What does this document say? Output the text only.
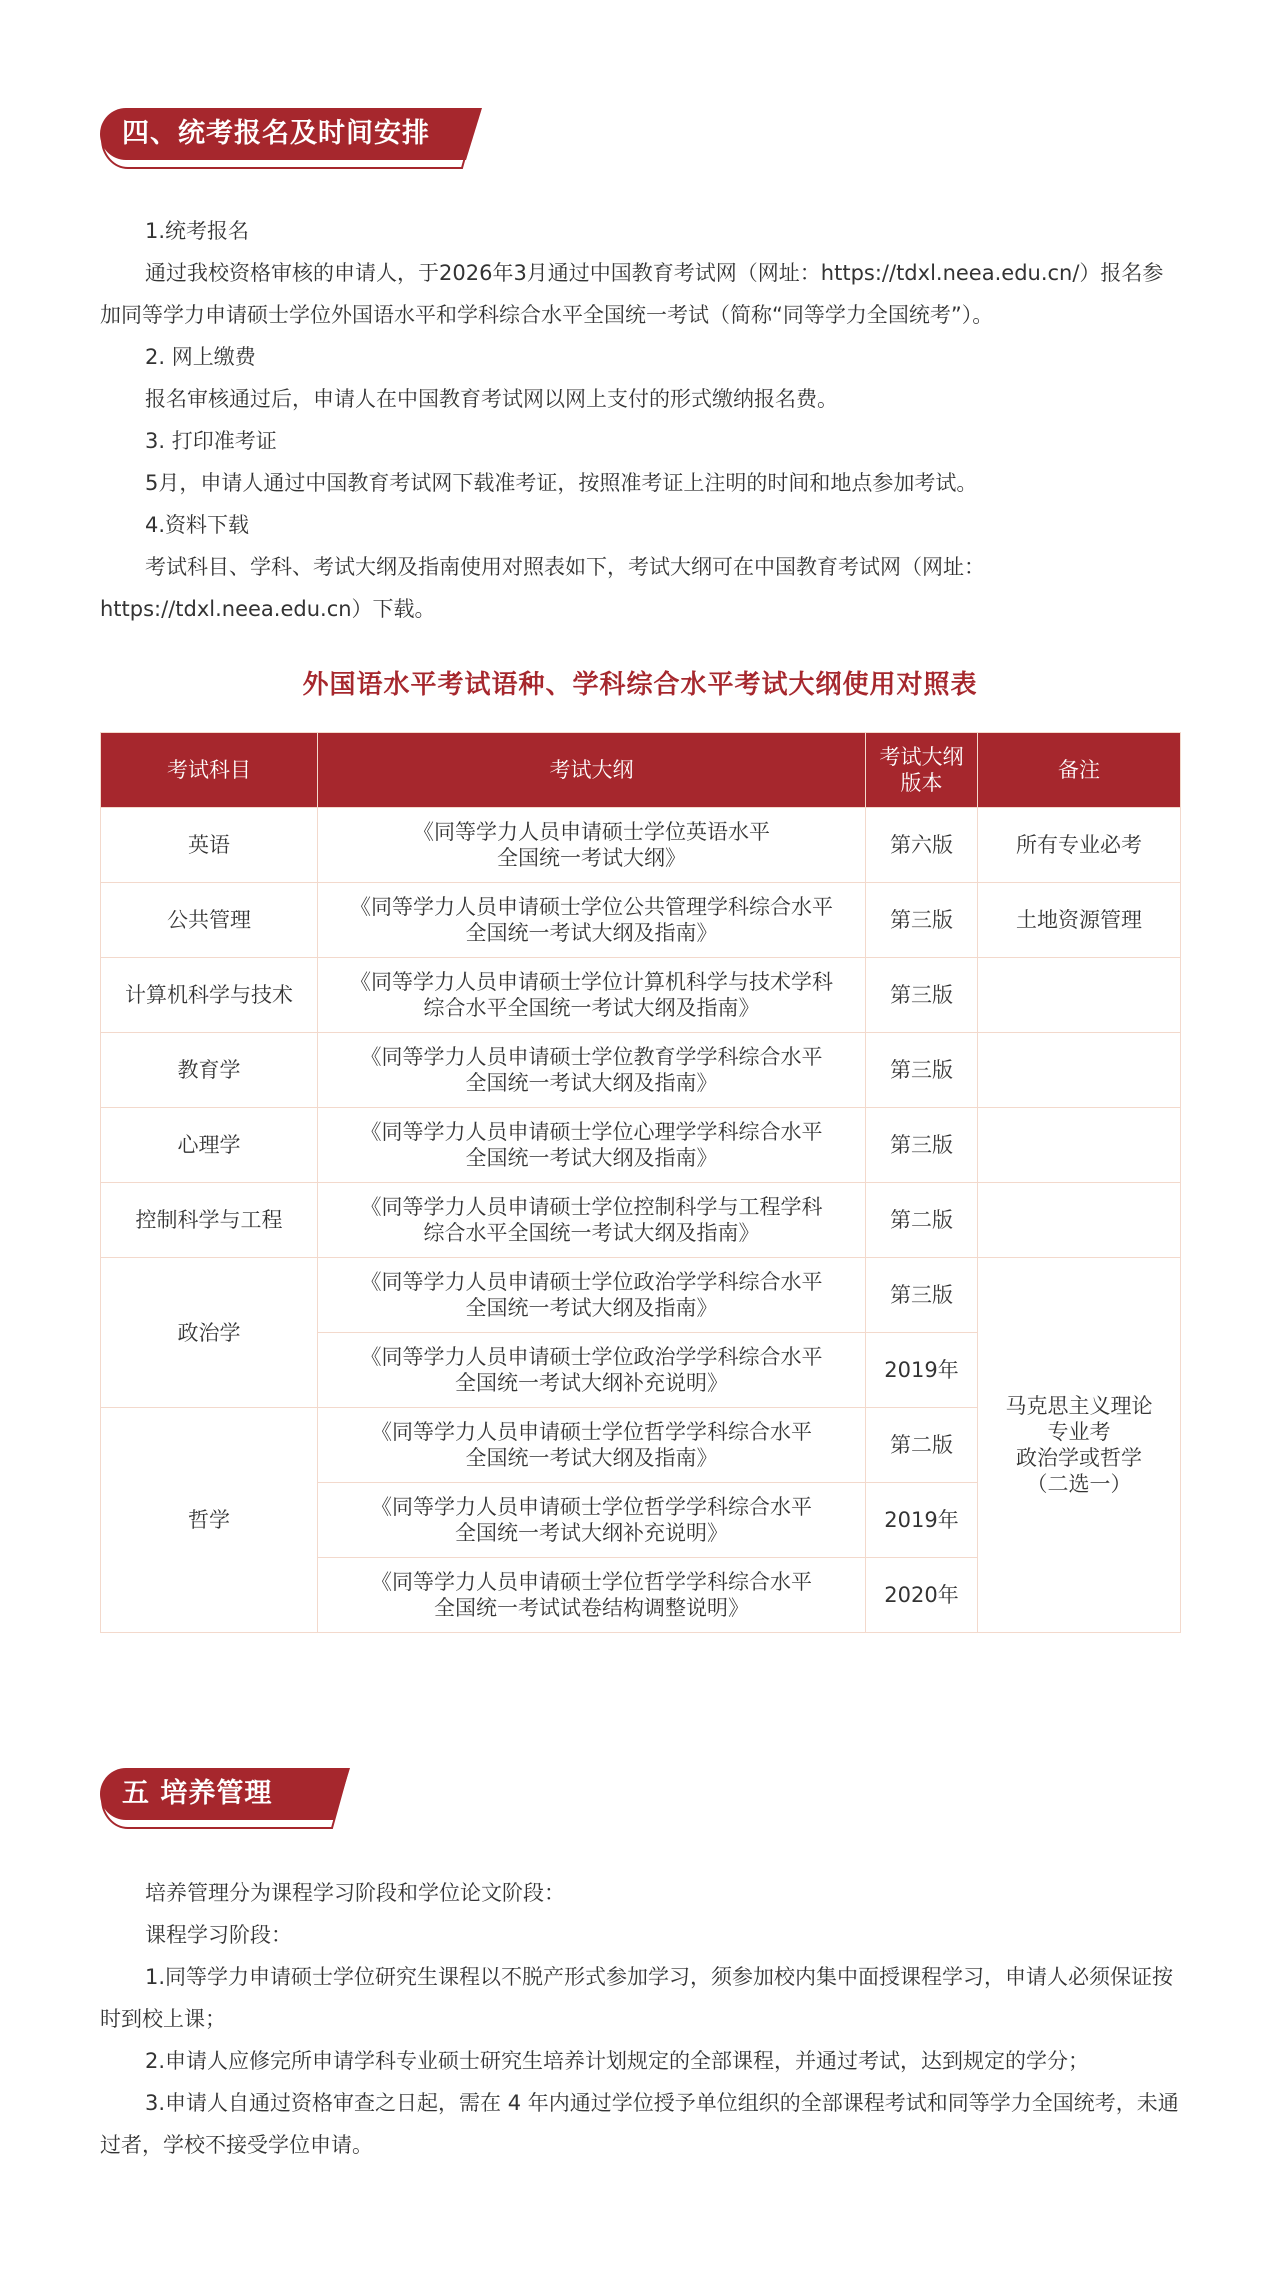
四、统考报名及时间安排

1.统考报名

通过我校资格审核的申请人，于2026年3月通过中国教育考试网（网址：https://tdxl.neea.edu.cn/）报名参加同等学力申请硕士学位外国语水平和学科综合水平全国统一考试（简称“同等学力全国统考”）。

2. 网上缴费

报名审核通过后，申请人在中国教育考试网以网上支付的形式缴纳报名费。

3. 打印准考证

5月，申请人通过中国教育考试网下载准考证，按照准考证上注明的时间和地点参加考试。

4.资料下载

考试科目、学科、考试大纲及指南使用对照表如下，考试大纲可在中国教育考试网（网址：https://tdxl.neea.edu.cn）下载。

外国语水平考试语种、学科综合水平考试大纲使用对照表
考试科目	考试大纲	考试大纲
版本	备注
英语	《同等学力人员申请硕士学位英语水平
全国统一考试大纲》	第六版	所有专业必考
公共管理	《同等学力人员申请硕士学位公共管理学科综合水平
全国统一考试大纲及指南》	第三版	土地资源管理
计算机科学与技术	《同等学力人员申请硕士学位计算机科学与技术学科
综合水平全国统一考试大纲及指南》	第三版	
教育学	《同等学力人员申请硕士学位教育学学科综合水平
全国统一考试大纲及指南》	第三版	
心理学	《同等学力人员申请硕士学位心理学学科综合水平
全国统一考试大纲及指南》	第三版	
控制科学与工程	《同等学力人员申请硕士学位控制科学与工程学科
综合水平全国统一考试大纲及指南》	第二版	
政治学	《同等学力人员申请硕士学位政治学学科综合水平
全国统一考试大纲及指南》	第三版	马克思主义理论
专业考
政治学或哲学
（二选一）
	《同等学力人员申请硕士学位政治学学科综合水平
全国统一考试大纲补充说明》	2019年	
哲学	《同等学力人员申请硕士学位哲学学科综合水平
全国统一考试大纲及指南》	第二版	
	《同等学力人员申请硕士学位哲学学科综合水平
全国统一考试大纲补充说明》	2019年	
	《同等学力人员申请硕士学位哲学学科综合水平
全国统一考试试卷结构调整说明》	2020年	
五 培养管理

培养管理分为课程学习阶段和学位论文阶段：

课程学习阶段：

1.同等学力申请硕士学位研究生课程以不脱产形式参加学习，须参加校内集中面授课程学习，申请人必须保证按时到校上课；

2.申请人应修完所申请学科专业硕士研究生培养计划规定的全部课程，并通过考试，达到规定的学分；

3.申请人自通过资格审查之日起，需在 4 年内通过学位授予单位组织的全部课程考试和同等学力全国统考，未通过者，学校不接受学位申请。
